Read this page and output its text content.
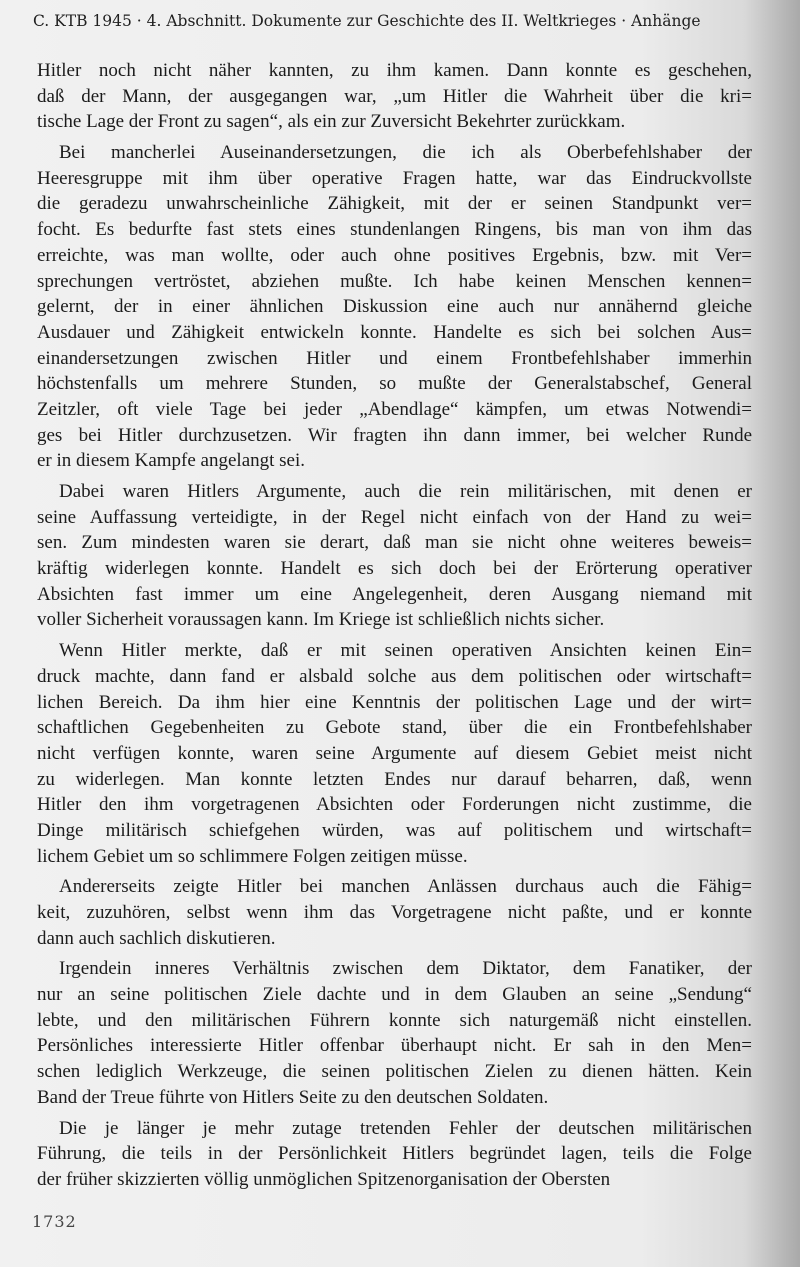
C. KTB 1945 · 4. Abschnitt. Dokumente zur Geschichte des II. Weltkrieges · Anhänge
Hitler noch nicht näher kannten, zu ihm kamen. Dann konnte es geschehen,
daß der Mann, der ausgegangen war, „um Hitler die Wahrheit über die kri=
tische Lage der Front zu sagen“, als ein zur Zuversicht Bekehrter zurückkam.
Bei mancherlei Auseinandersetzungen, die ich als Oberbefehlshaber der
Heeresgruppe mit ihm über operative Fragen hatte, war das Eindruckvollste
die geradezu unwahrscheinliche Zähigkeit, mit der er seinen Standpunkt ver=
focht. Es bedurfte fast stets eines stundenlangen Ringens, bis man von ihm das
erreichte, was man wollte, oder auch ohne positives Ergebnis, bzw. mit Ver=
sprechungen vertröstet, abziehen mußte. Ich habe keinen Menschen kennen=
gelernt, der in einer ähnlichen Diskussion eine auch nur annähernd gleiche
Ausdauer und Zähigkeit entwickeln konnte. Handelte es sich bei solchen Aus=
einandersetzungen zwischen Hitler und einem Frontbefehlshaber immerhin
höchstenfalls um mehrere Stunden, so mußte der Generalstabschef, General
Zeitzler, oft viele Tage bei jeder „Abendlage“ kämpfen, um etwas Notwendi=
ges bei Hitler durchzusetzen. Wir fragten ihn dann immer, bei welcher Runde
er in diesem Kampfe angelangt sei.
Dabei waren Hitlers Argumente, auch die rein militärischen, mit denen er
seine Auffassung verteidigte, in der Regel nicht einfach von der Hand zu wei=
sen. Zum mindesten waren sie derart, daß man sie nicht ohne weiteres beweis=
kräftig widerlegen konnte. Handelt es sich doch bei der Erörterung operativer
Absichten fast immer um eine Angelegenheit, deren Ausgang niemand mit
voller Sicherheit voraussagen kann. Im Kriege ist schließlich nichts sicher.
Wenn Hitler merkte, daß er mit seinen operativen Ansichten keinen Ein=
druck machte, dann fand er alsbald solche aus dem politischen oder wirtschaft=
lichen Bereich. Da ihm hier eine Kenntnis der politischen Lage und der wirt=
schaftlichen Gegebenheiten zu Gebote stand, über die ein Frontbefehlshaber
nicht verfügen konnte, waren seine Argumente auf diesem Gebiet meist nicht
zu widerlegen. Man konnte letzten Endes nur darauf beharren, daß, wenn
Hitler den ihm vorgetragenen Absichten oder Forderungen nicht zustimme, die
Dinge militärisch schiefgehen würden, was auf politischem und wirtschaft=
lichem Gebiet um so schlimmere Folgen zeitigen müsse.
Andererseits zeigte Hitler bei manchen Anlässen durchaus auch die Fähig=
keit, zuzuhören, selbst wenn ihm das Vorgetragene nicht paßte, und er konnte
dann auch sachlich diskutieren.
Irgendein inneres Verhältnis zwischen dem Diktator, dem Fanatiker, der
nur an seine politischen Ziele dachte und in dem Glauben an seine „Sendung“
lebte, und den militärischen Führern konnte sich naturgemäß nicht einstellen.
Persönliches interessierte Hitler offenbar überhaupt nicht. Er sah in den Men=
schen lediglich Werkzeuge, die seinen politischen Zielen zu dienen hätten. Kein
Band der Treue führte von Hitlers Seite zu den deutschen Soldaten.
Die je länger je mehr zutage tretenden Fehler der deutschen militärischen
Führung, die teils in der Persönlichkeit Hitlers begründet lagen, teils die Folge
der früher skizzierten völlig unmöglichen Spitzenorganisation der Obersten
1732
